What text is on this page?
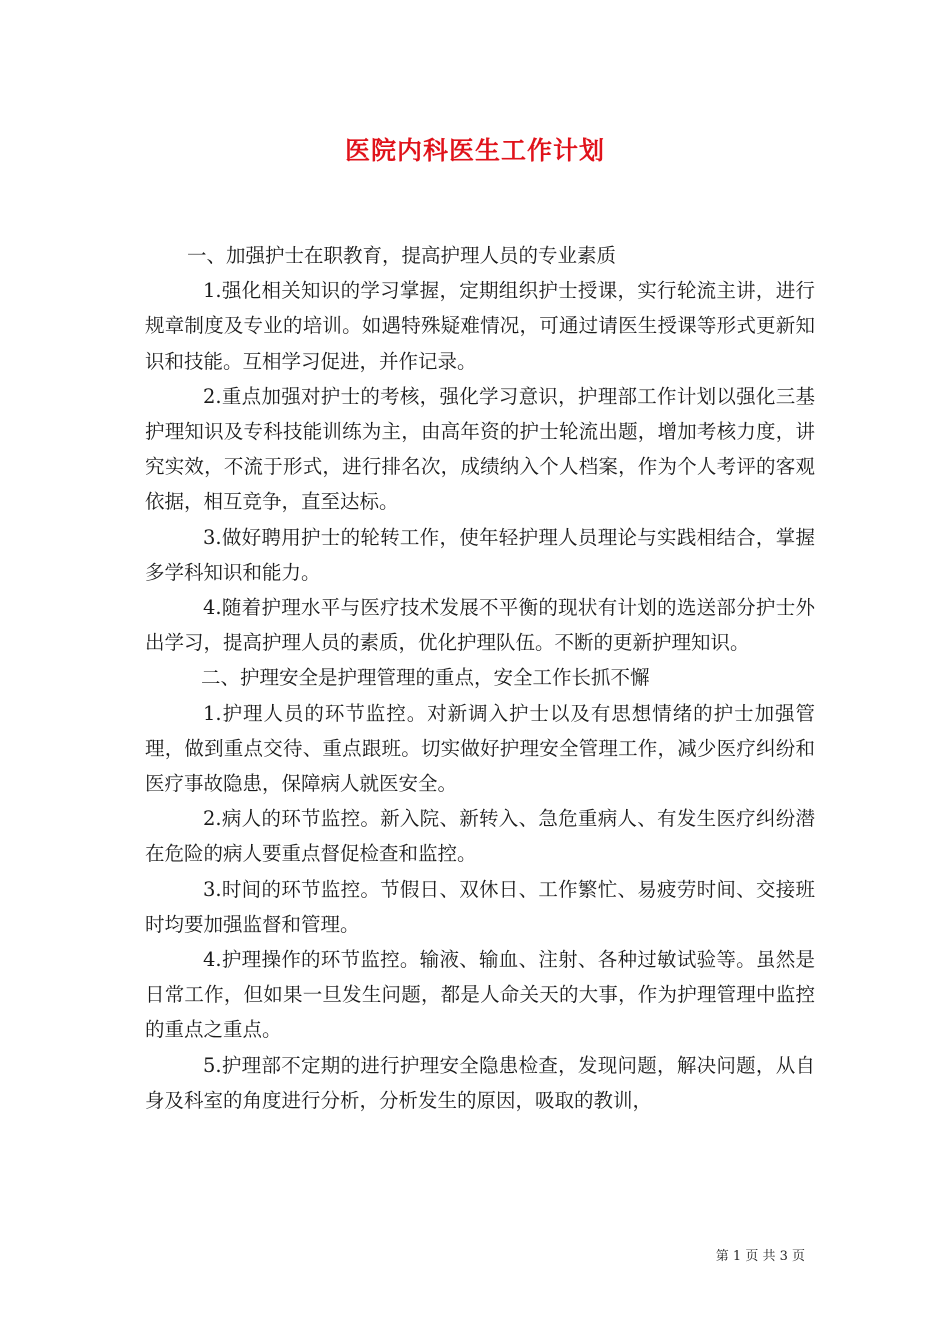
医院内科医生工作计划

一、加强护士在职教育，提高护理人员的专业素质

1.强化相关知识的学习掌握，定期组织护士授课，实行轮流主讲，进行规章制度及专业的培训。如遇特殊疑难情况，可通过请医生授课等形式更新知识和技能。互相学习促进，并作记录。

2.重点加强对护士的考核，强化学习意识，护理部工作计划以强化三基护理知识及专科技能训练为主，由高年资的护士轮流出题，增加考核力度，讲究实效，不流于形式，进行排名次，成绩纳入个人档案，作为个人考评的客观依据，相互竞争，直至达标。

3.做好聘用护士的轮转工作，使年轻护理人员理论与实践相结合，掌握多学科知识和能力。

4.随着护理水平与医疗技术发展不平衡的现状有计划的选送部分护士外出学习，提高护理人员的素质，优化护理队伍。不断的更新护理知识。

二、护理安全是护理管理的重点，安全工作长抓不懈

1.护理人员的环节监控。对新调入护士以及有思想情绪的护士加强管理，做到重点交待、重点跟班。切实做好护理安全管理工作，减少医疗纠纷和医疗事故隐患，保障病人就医安全。

2.病人的环节监控。新入院、新转入、急危重病人、有发生医疗纠纷潜在危险的病人要重点督促检查和监控。

3.时间的环节监控。节假日、双休日、工作繁忙、易疲劳时间、交接班时均要加强监督和管理。

4.护理操作的环节监控。输液、输血、注射、各种过敏试验等。虽然是日常工作，但如果一旦发生问题，都是人命关天的大事，作为护理管理中监控的重点之重点。

5.护理部不定期的进行护理安全隐患检查，发现问题，解决问题，从自身及科室的角度进行分析，分析发生的原因，吸取的教训，

第 1 页 共 3 页
